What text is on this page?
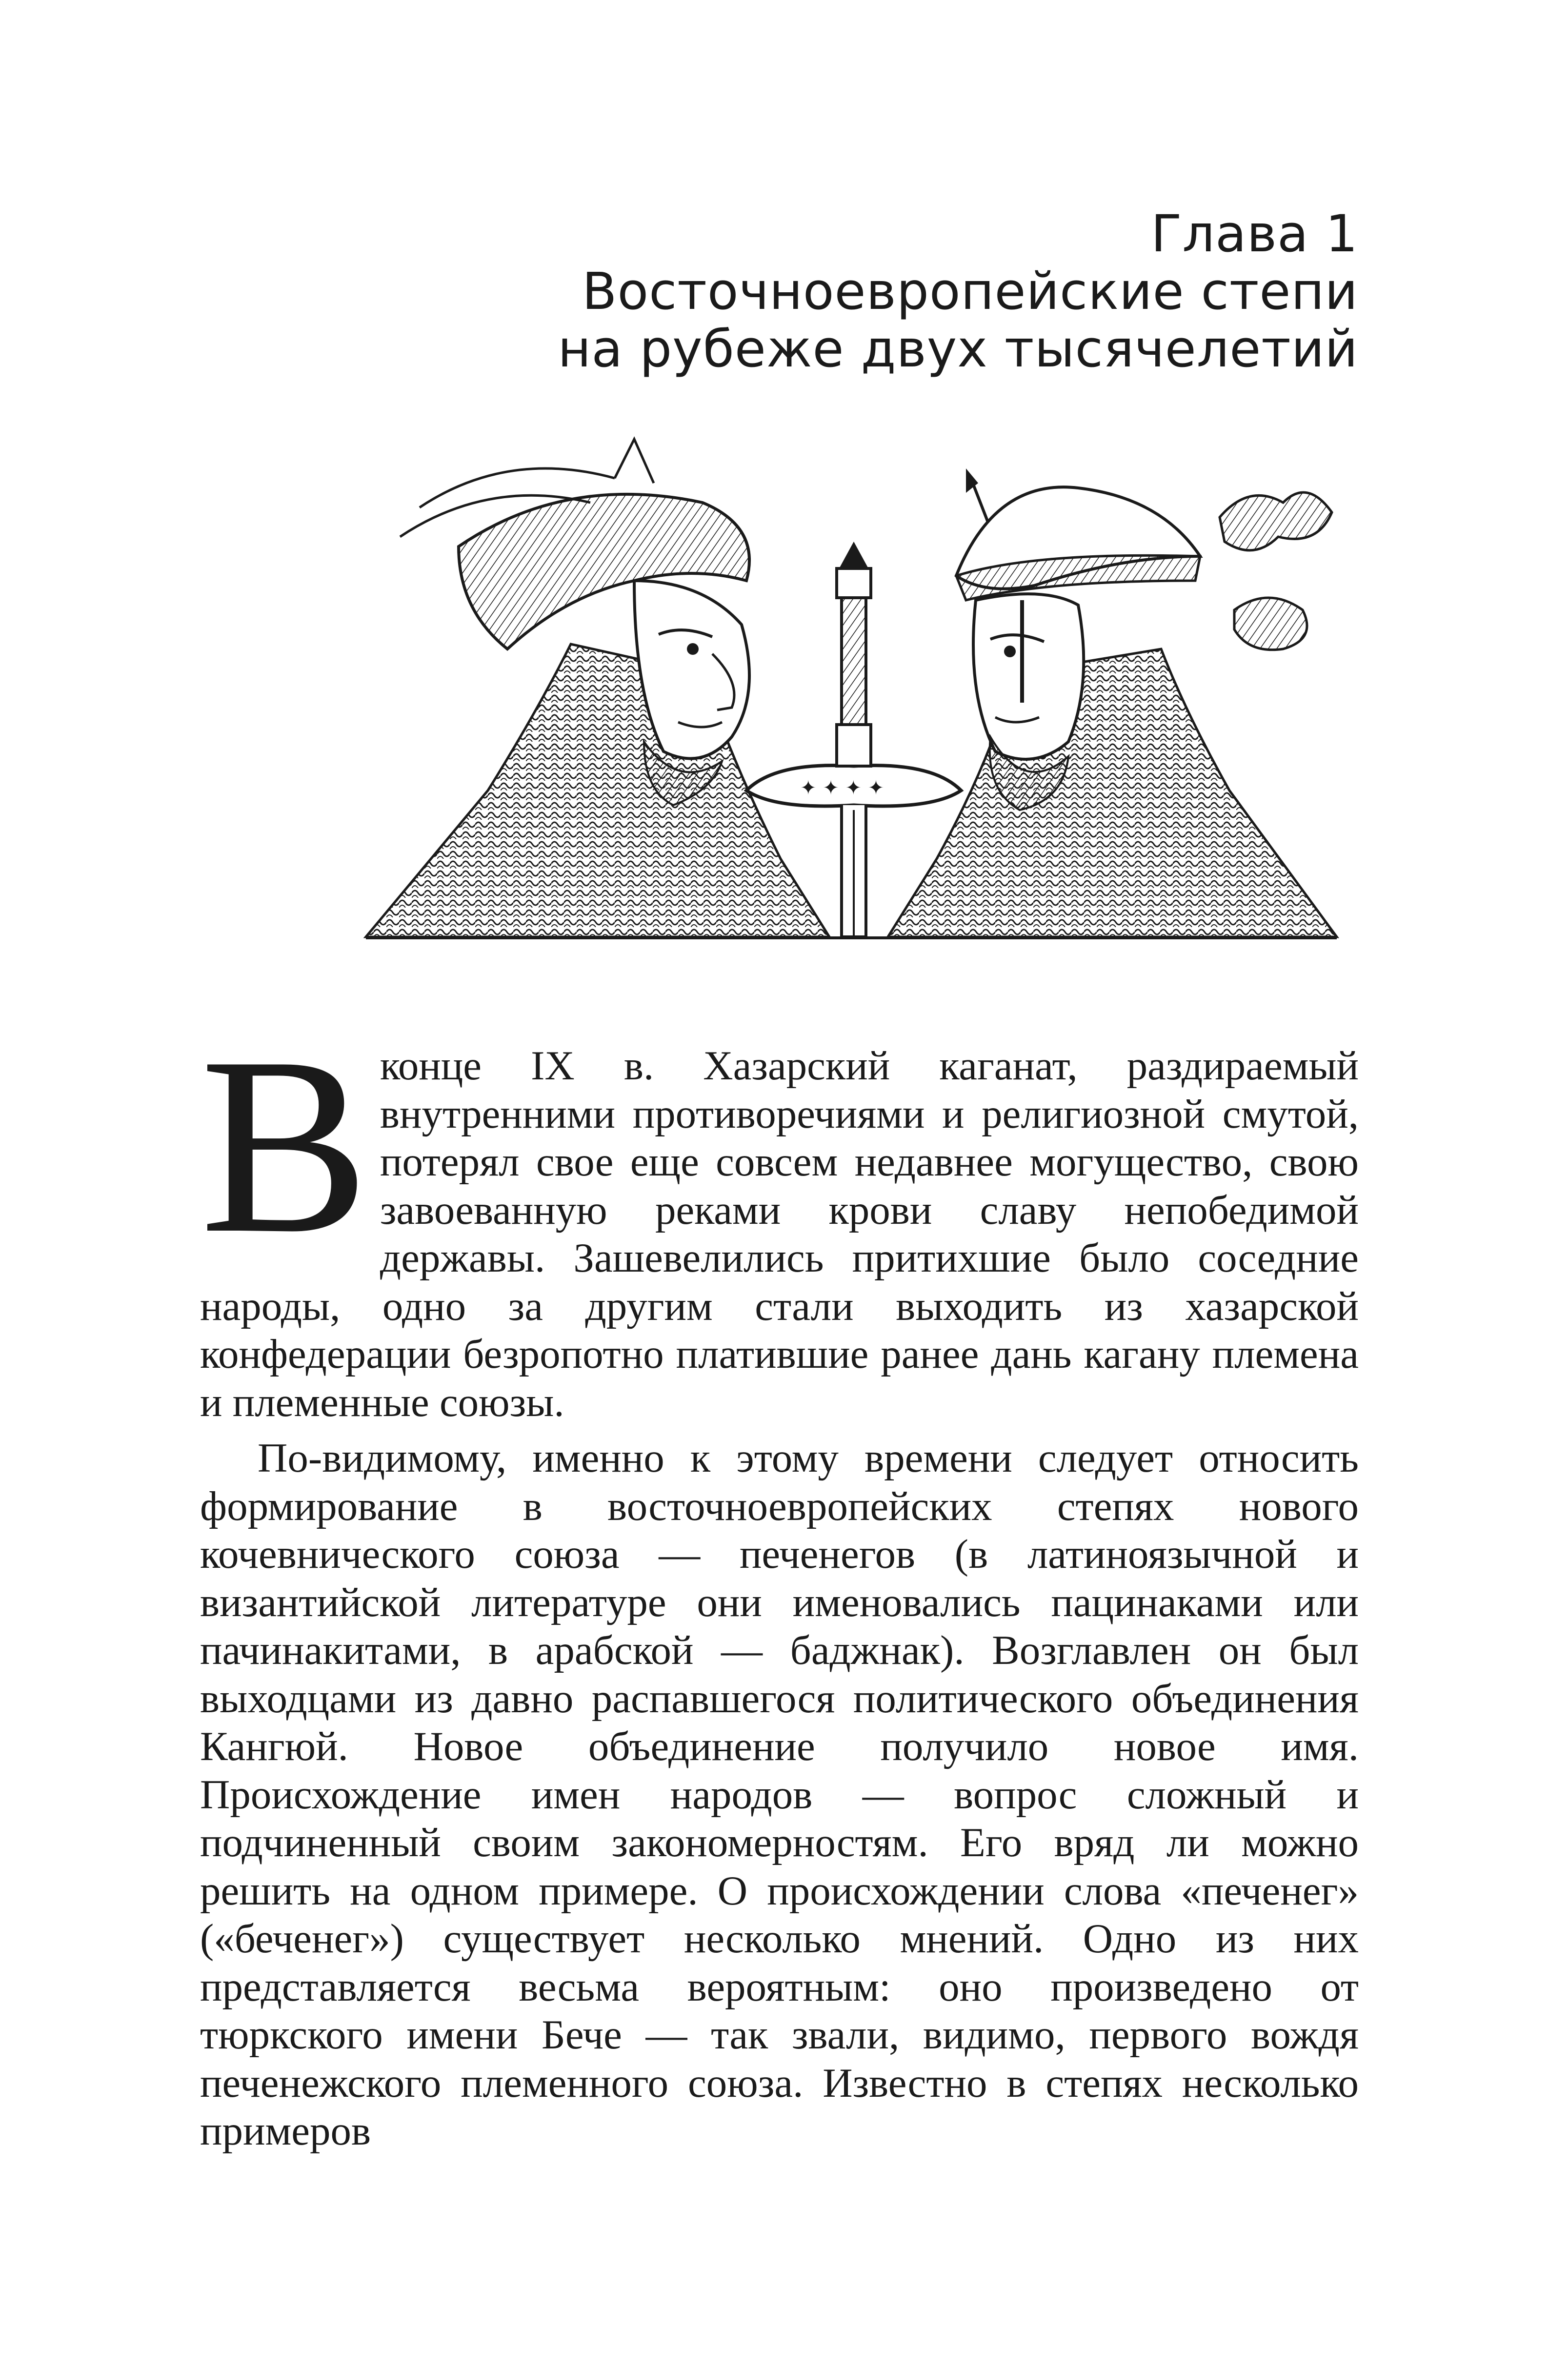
Глава 1
Восточноевропейские степи
на рубеже двух тысячелетий
✦ ✦ ✦ ✦

Вконце IX в. Хазарский каганат, раздираемый внутренними противоречиями и религиозной смутой, потерял свое еще совсем недавнее могущество, свою завоеванную реками крови славу непобедимой державы. Зашевелились притихшие было соседние народы, одно за другим стали выходить из хазарской конфедерации безропотно платившие ранее дань кагану племена и племенные союзы.

По-видимому, именно к этому времени следует относить формирование в восточноевропейских степях нового кочевнического союза — печенегов (в латиноязычной и византийской литературе они именовались пацинаками или пачинакитами, в арабской — баджнак). Возглавлен он был выходцами из давно распавшегося политического объединения Кангюй. Новое объединение получило новое имя. Происхождение имен народов — вопрос сложный и подчиненный своим закономерностям. Его вряд ли можно решить на одном примере. О происхождении слова «печенег» («беченег») существует несколько мнений. Одно из них представляется весьма вероятным: оно произведено от тюркского имени Бече — так звали, видимо, первого вождя печенежского племенного союза. Известно в степях несколько примеров
